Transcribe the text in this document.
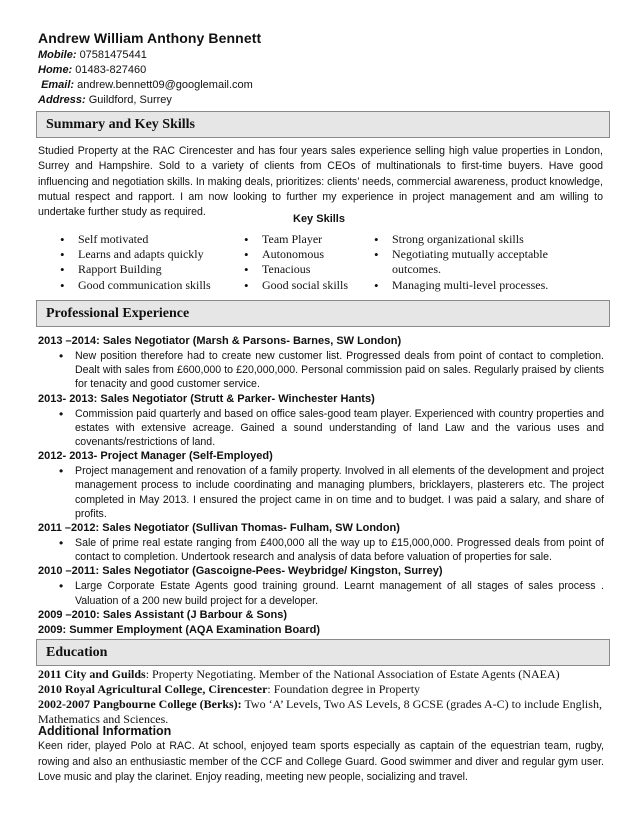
Andrew William Anthony Bennett
Mobile: 07581475441
Home: 01483-827460
Email: andrew.bennett09@googlemail.com
Address: Guildford, Surrey
Summary and Key Skills
Studied Property at the RAC Cirencester and has four years sales experience selling high value properties in London, Surrey and Hampshire. Sold to a variety of clients from CEOs of multinationals to first-time buyers. Have good influencing and negotiation skills. In making deals, prioritizes: clients’ needs, commercial awareness, product knowledge, mutual respect and rapport. I am now looking to further my experience in project management and am willing to undertake further study as required.
Key Skills
• Self motivated
• Learns and adapts quickly
• Rapport Building
• Good communication skills
• Team Player
• Autonomous
• Tenacious
• Good social skills
• Strong organizational skills
• Negotiating mutually acceptable outcomes.
• Managing multi-level processes.
Professional Experience
2013 –2014: Sales Negotiator (Marsh & Parsons- Barnes, SW London)
• New position therefore had to create new customer list. Progressed deals from point of contact to completion. Dealt with sales from £600,000 to £20,000,000. Personal commission paid on sales. Regularly praised by clients for tenacity and good customer service.
2013- 2013: Sales Negotiator (Strutt & Parker- Winchester Hants)
• Commission paid quarterly and based on office sales-good team player. Experienced with country properties and estates with extensive acreage. Gained a sound understanding of land Law and the various uses and covenants/restrictions of land.
2012- 2013- Project Manager (Self-Employed)
• Project management and renovation of a family property. Involved in all elements of the development and project management process to include coordinating and managing plumbers, bricklayers, plasterers etc. The project completed in May 2013. I ensured the project came in on time and to budget. I was paid a salary, and share of profits.
2011 –2012: Sales Negotiator (Sullivan Thomas- Fulham, SW London)
• Sale of prime real estate ranging from £400,000 all the way up to £15,000,000. Progressed deals from point of contact to completion. Undertook research and analysis of data before valuation of properties for sale.
2010 –2011: Sales Negotiator (Gascoigne-Pees- Weybridge/ Kingston, Surrey)
• Large Corporate Estate Agents good training ground. Learnt management of all stages of sales process . Valuation of a 200 new build project for a developer.
2009 –2010: Sales Assistant (J Barbour & Sons)
2009: Summer Employment (AQA Examination Board)
Education
2011 City and Guilds: Property Negotiating. Member of the National Association of Estate Agents (NAEA)
2010 Royal Agricultural College, Cirencester: Foundation degree in Property
2002-2007 Pangbourne College (Berks): Two ‘A’ Levels, Two AS Levels, 8 GCSE (grades A-C) to include English, Mathematics and Sciences.
Additional Information
Keen rider, played Polo at RAC. At school, enjoyed team sports especially as captain of the equestrian team, rugby, rowing and also an enthusiastic member of the CCF and College Guard. Good swimmer and diver and regular gym user. Love music and play the clarinet. Enjoy reading, meeting new people, socializing and travel.
